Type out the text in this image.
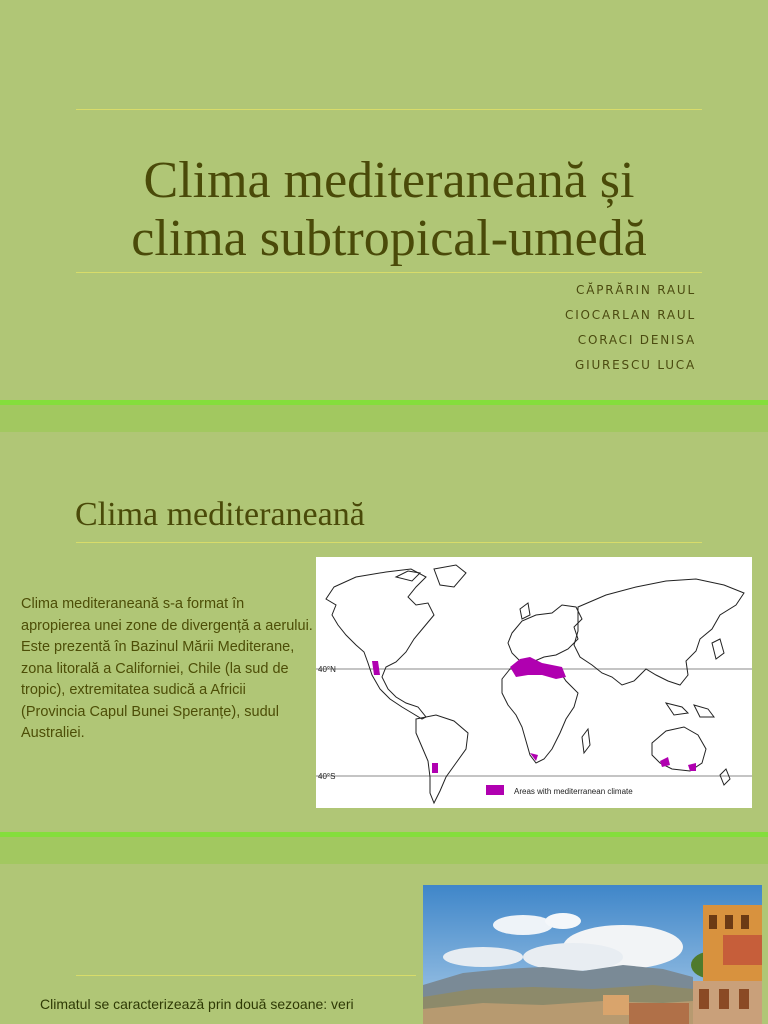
Clima mediteraneană și
clima subtropical-umedă
CĂPRĂRIN RAUL
CIOCARLAN RAUL
CORACI DENISA
GIURESCU LUCA
Clima mediteraneană
Clima mediteraneană s-a format în apropierea unei zone de divergență a aerului. Este prezentă în Bazinul Mării Mediterane, zona litorală a Californiei, Chile (la sud de tropic), extremitatea sudică a Africii (Provincia Capul Bunei Speranțe), sudul Australiei.
40°N
40°S
Areas with mediterranean climate
Climatul se caracterizează prin două sezoane: veri
